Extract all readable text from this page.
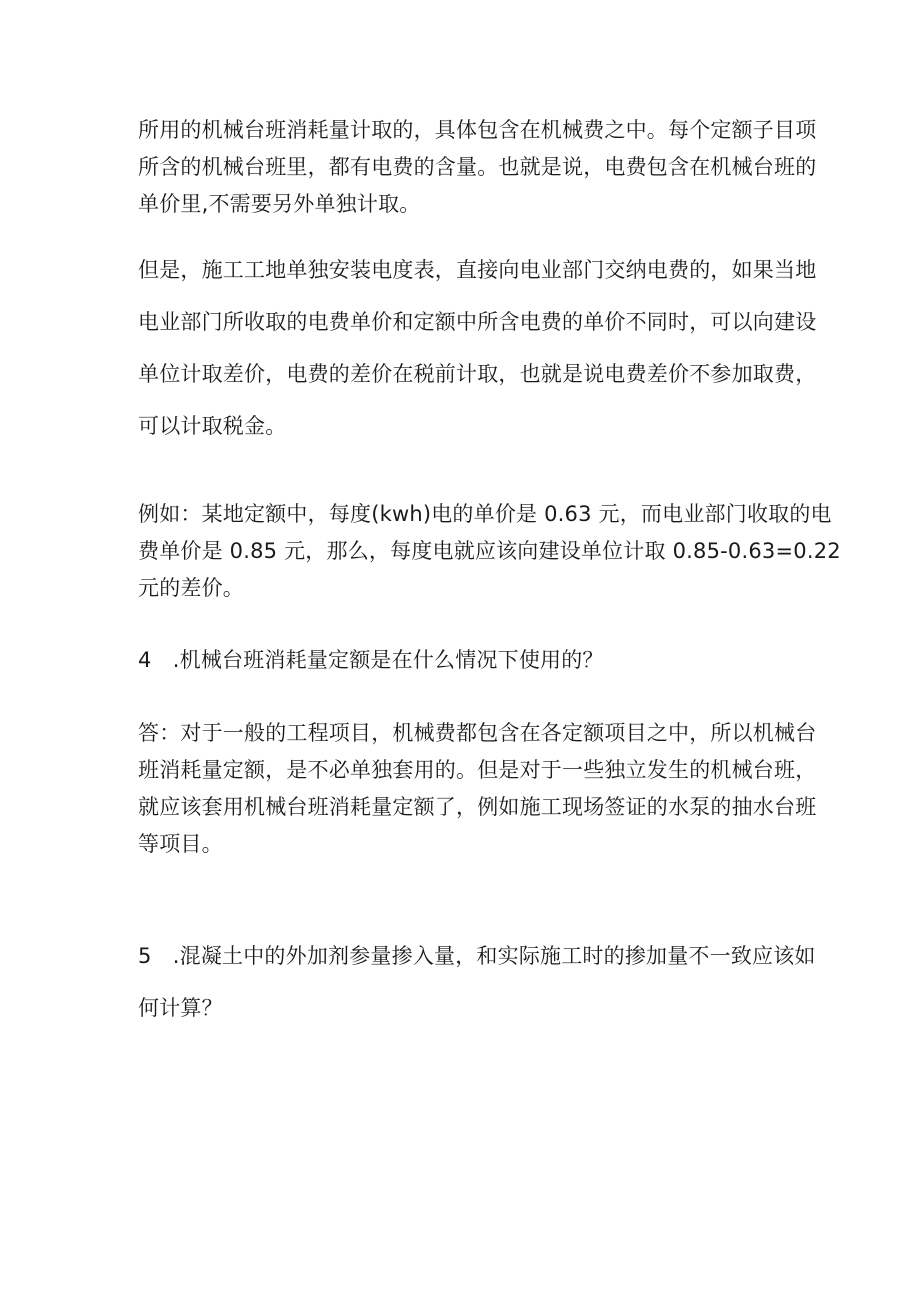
所用的机械台班消耗量计取的，具体包含在机械费之中。每个定额子目项
所含的机械台班里，都有电费的含量。也就是说，电费包含在机械台班的
单价里,不需要另外单独计取。

但是，施工工地单独安装电度表，直接向电业部门交纳电费的，如果当地
电业部门所收取的电费单价和定额中所含电费的单价不同时，可以向建设
单位计取差价，电费的差价在税前计取，也就是说电费差价不参加取费，
可以计取税金。

例如：某地定额中，每度(kwh)电的单价是 0.63 元，而电业部门收取的电
费单价是 0.85 元，那么，每度电就应该向建设单位计取 0.85-0.63=0.22
元的差价。

4　.机械台班消耗量定额是在什么情况下使用的？

答：对于一般的工程项目，机械费都包含在各定额项目之中，所以机械台
班消耗量定额，是不必单独套用的。但是对于一些独立发生的机械台班，
就应该套用机械台班消耗量定额了，例如施工现场签证的水泵的抽水台班
等项目。

5　.混凝土中的外加剂参量掺入量，和实际施工时的掺加量不一致应该如
何计算？
